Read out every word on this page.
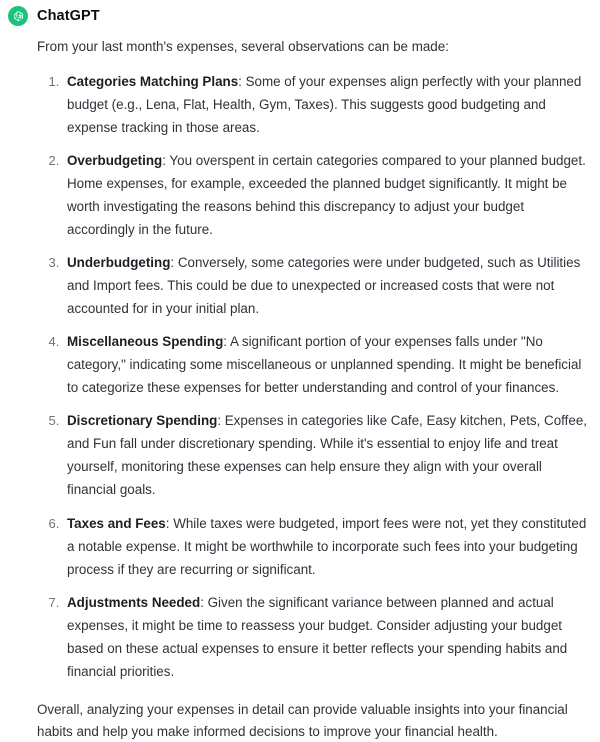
ChatGPT

From your last month's expenses, several observations can be made:

1. Categories Matching Plans: Some of your expenses align perfectly with your planned budget (e.g., Lena, Flat, Health, Gym, Taxes). This suggests good budgeting and expense tracking in those areas.
2. Overbudgeting: You overspent in certain categories compared to your planned budget. Home expenses, for example, exceeded the planned budget significantly. It might be worth investigating the reasons behind this discrepancy to adjust your budget accordingly in the future.
3. Underbudgeting: Conversely, some categories were under budgeted, such as Utilities and Import fees. This could be due to unexpected or increased costs that were not accounted for in your initial plan.
4. Miscellaneous Spending: A significant portion of your expenses falls under "No category," indicating some miscellaneous or unplanned spending. It might be beneficial to categorize these expenses for better understanding and control of your finances.
5. Discretionary Spending: Expenses in categories like Cafe, Easy kitchen, Pets, Coffee, and Fun fall under discretionary spending. While it's essential to enjoy life and treat yourself, monitoring these expenses can help ensure they align with your overall financial goals.
6. Taxes and Fees: While taxes were budgeted, import fees were not, yet they constituted a notable expense. It might be worthwhile to incorporate such fees into your budgeting process if they are recurring or significant.
7. Adjustments Needed: Given the significant variance between planned and actual expenses, it might be time to reassess your budget. Consider adjusting your budget based on these actual expenses to ensure it better reflects your spending habits and financial priorities.

Overall, analyzing your expenses in detail can provide valuable insights into your financial habits and help you make informed decisions to improve your financial health.
